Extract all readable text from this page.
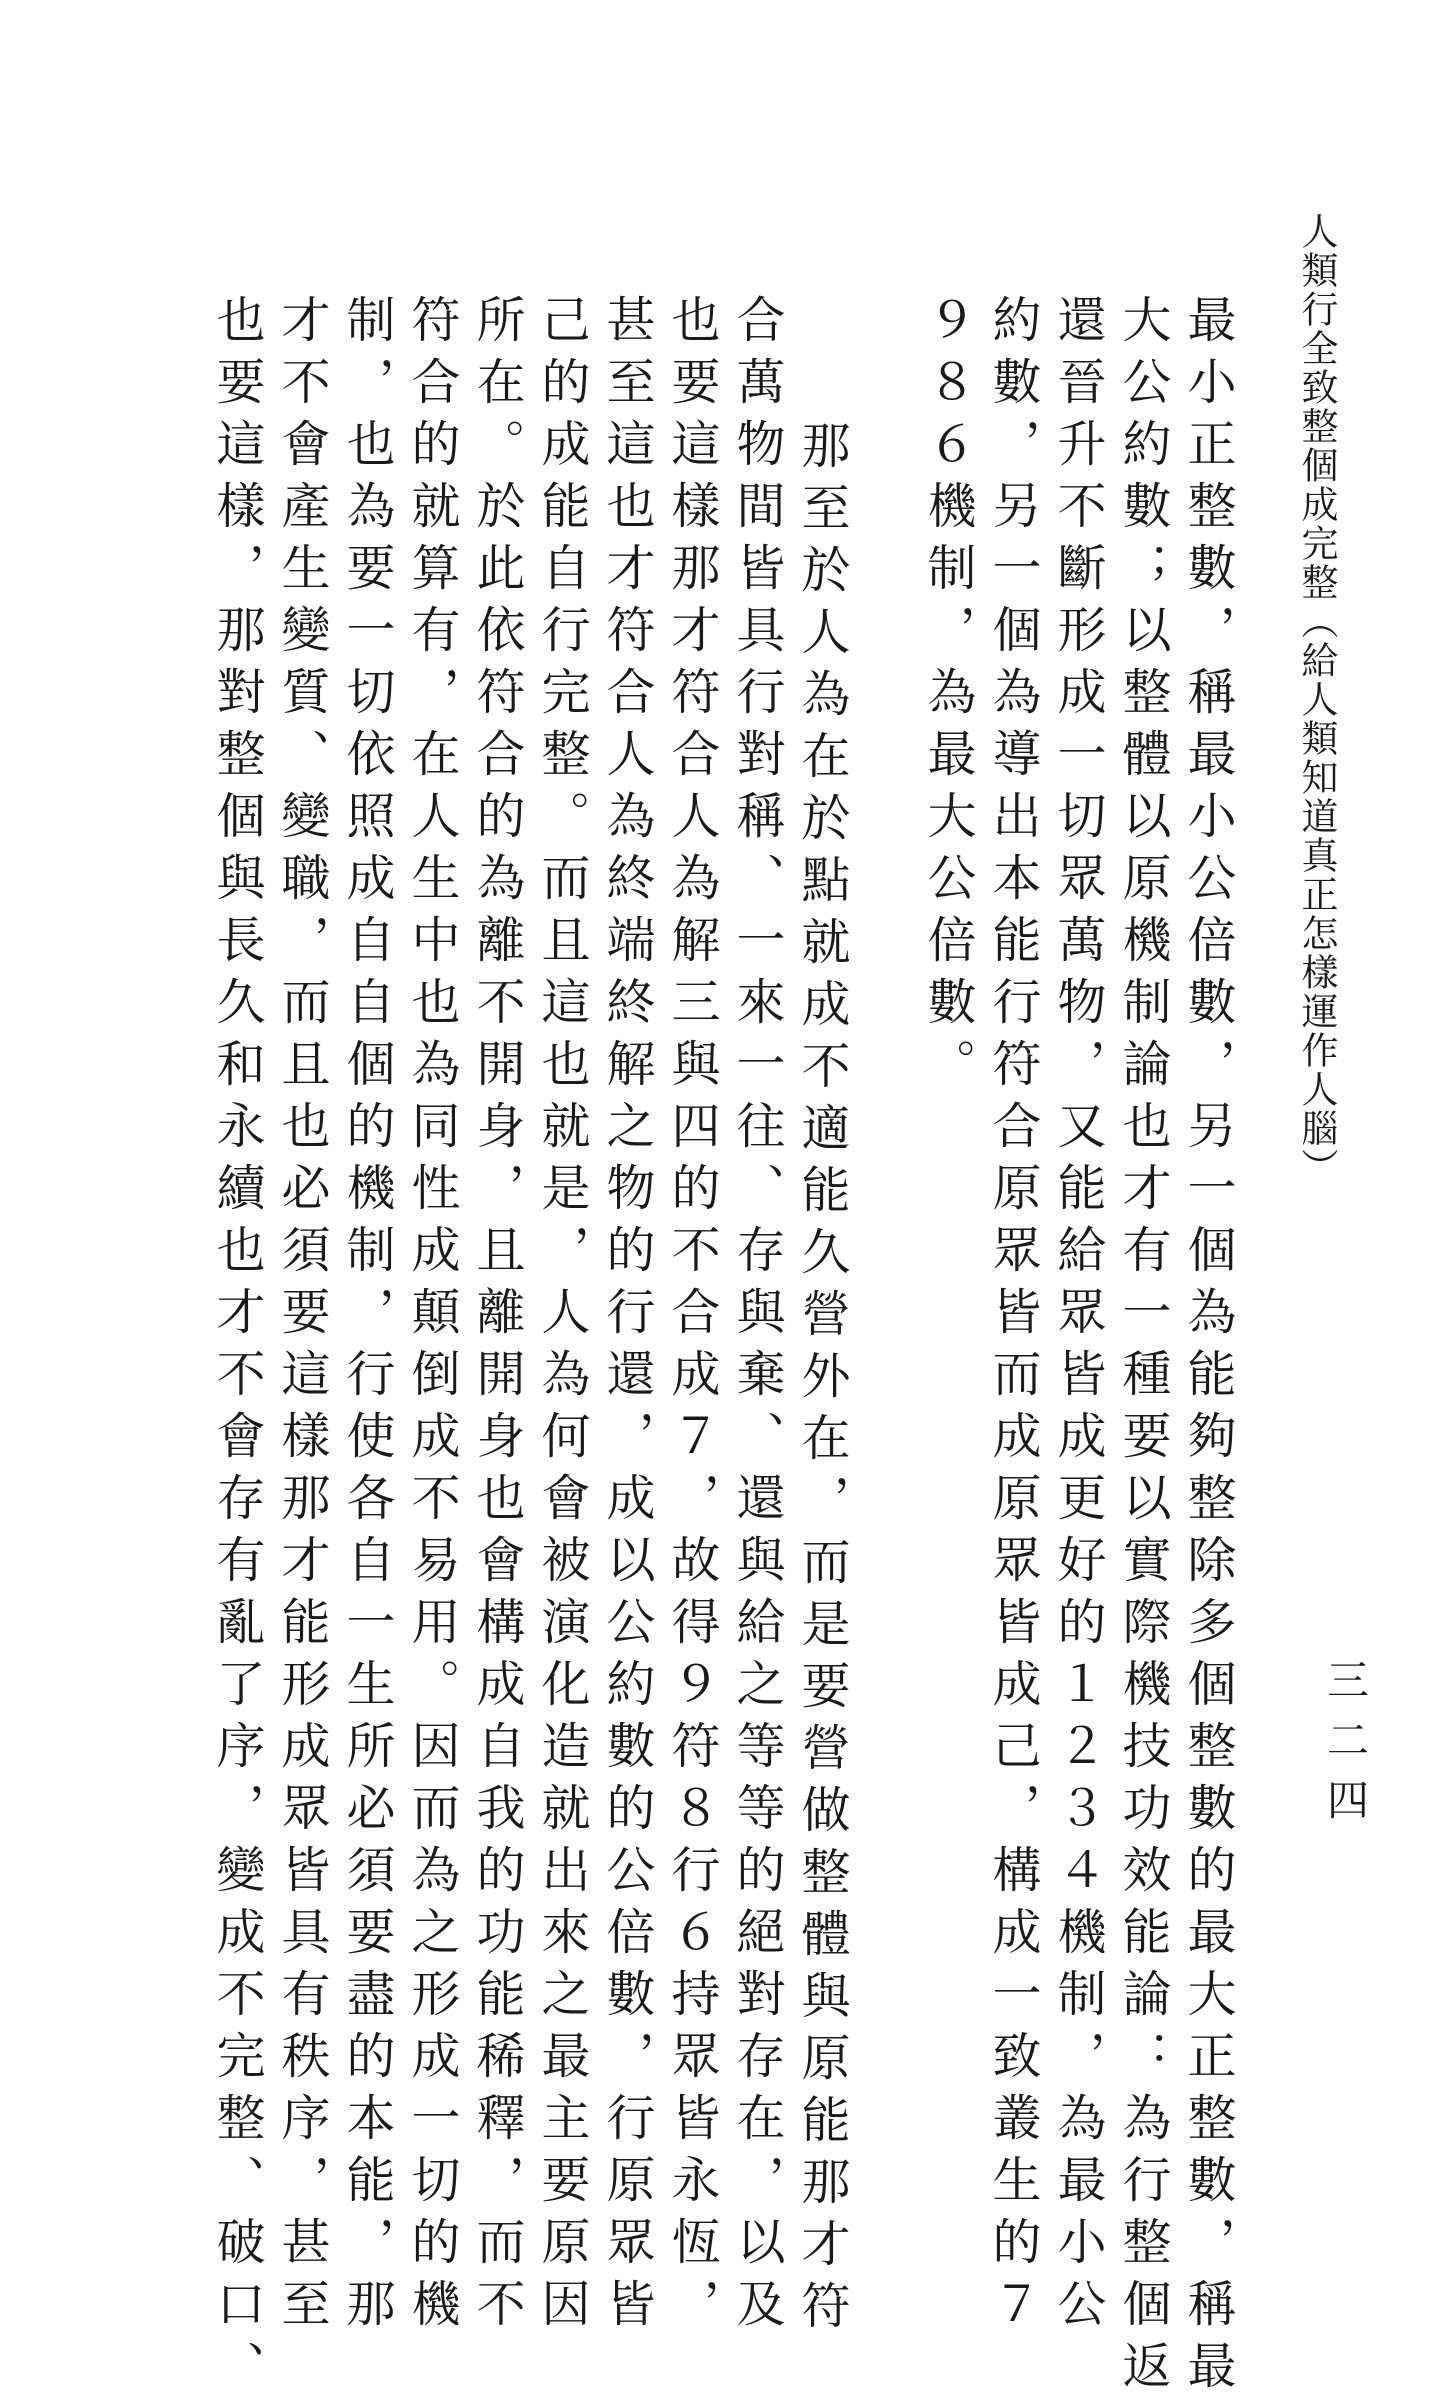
人類行全致整個成完整︵給人類知道真正怎樣運作人腦︶
三二四
最小正整數，稱最小公倍數，另一個為能夠整除多個整數的最大正整數，稱最
大公約數；以整體以原機制論也才有一種要以實際機技功效能論：為行整個返
還晉升不斷形成一切眾萬物，又能給眾皆成更好的１２３４機制，為最小公
約數，另一個為導出本能行符合原眾皆而成原眾皆成己，構成一致叢生的７
９８６機制，為最大公倍數。
那至於人為在於點就成不適能久營外在，而是要營做整體與原能那才符
合萬物間皆具行對稱、一來一往、存與棄、還與給之等等的絕對存在，以及
也要這樣那才符合人為解三與四的不合成７，故得９符８行６持眾皆永恆，
甚至這也才符合人為終端終解之物的行還，成以公約數的公倍數，行原眾皆
己的成能自行完整。而且這也就是，人為何會被演化造就出來之最主要原因
所在。於此依符合的為離不開身，且離開身也會構成自我的功能稀釋，而不
符合的就算有，在人生中也為同性成顛倒成不易用。因而為之形成一切的機
制，也為要一切依照成自自個的機制，行使各自一生所必須要盡的本能，那
才不會產生變質、變職，而且也必須要這樣那才能形成眾皆具有秩序，甚至
也要這樣，那對整個與長久和永續也才不會存有亂了序，變成不完整、破口、
